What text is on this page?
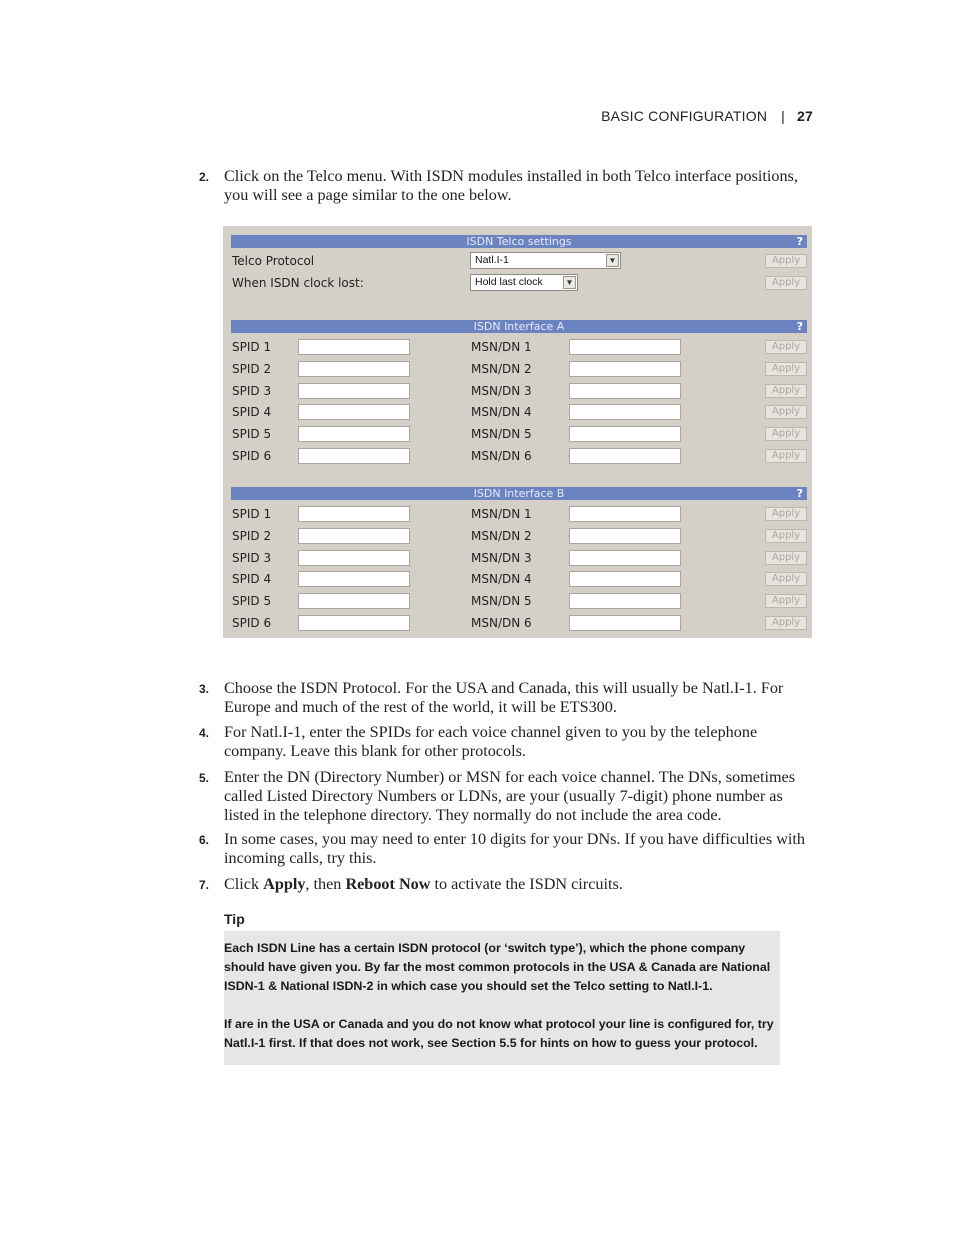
BASIC CONFIGURATION | 27
2. Click on the Telco menu. With ISDN modules installed in both Telco interface positions, you will see a page similar to the one below.
ISDN Telco settings	?
Telco Protocol	Natl.I-1	▼	Apply
When ISDN clock lost:	Hold last clock	▼	Apply
ISDN Interface A	?
SPID 1	MSN/DN 1	Apply
SPID 2	MSN/DN 2	Apply
SPID 3	MSN/DN 3	Apply
SPID 4	MSN/DN 4	Apply
SPID 5	MSN/DN 5	Apply
SPID 6	MSN/DN 6	Apply
ISDN Interface B	?
SPID 1	MSN/DN 1	Apply
SPID 2	MSN/DN 2	Apply
SPID 3	MSN/DN 3	Apply
SPID 4	MSN/DN 4	Apply
SPID 5	MSN/DN 5	Apply
SPID 6	MSN/DN 6	Apply
3. Choose the ISDN Protocol. For the USA and Canada, this will usually be Natl.I-1. For Europe and much of the rest of the world, it will be ETS300.
4. For Natl.I-1, enter the SPIDs for each voice channel given to you by the telephone company. Leave this blank for other protocols.
5. Enter the DN (Directory Number) or MSN for each voice channel. The DNs, sometimes called Listed Directory Numbers or LDNs, are your (usually 7-digit) phone number as listed in the telephone directory. They normally do not include the area code.
6. In some cases, you may need to enter 10 digits for your DNs. If you have difficulties with incoming calls, try this.
7. Click Apply, then Reboot Now to activate the ISDN circuits.
Tip

Each ISDN Line has a certain ISDN protocol (or ‘switch type’), which the phone company should have given you. By far the most common protocols in the USA & Canada are National ISDN-1 & National ISDN-2 in which case you should set the Telco setting to Natl.I-1.

If are in the USA or Canada and you do not know what protocol your line is configured for, try Natl.I-1 first. If that does not work, see Section 5.5 for hints on how to guess your protocol.
